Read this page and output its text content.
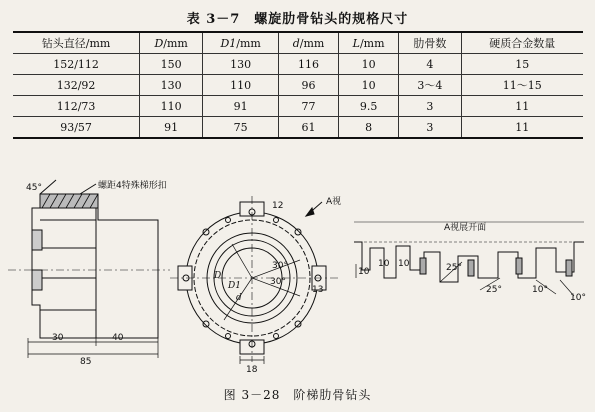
表 3－7　螺旋肋骨钻头的规格尺寸
钻头直径/mm	D/mm	D1/mm	d/mm	L/mm	肋骨数	硬质合金数量
152/112	150	130	116	10	4	15
132/92	130	110	96	10	3～4	11～15
112/73	110	91	77	9.5	3	11
93/57	91	75	61	8	3	11
45°	螺距4特殊梯形扣
30	40
85
A视
12
13
30°
30°
D
D1
d
18
A视展开面
25°
25°	10°
10°
10
10 10
图 3－28　阶梯肋骨钻头
